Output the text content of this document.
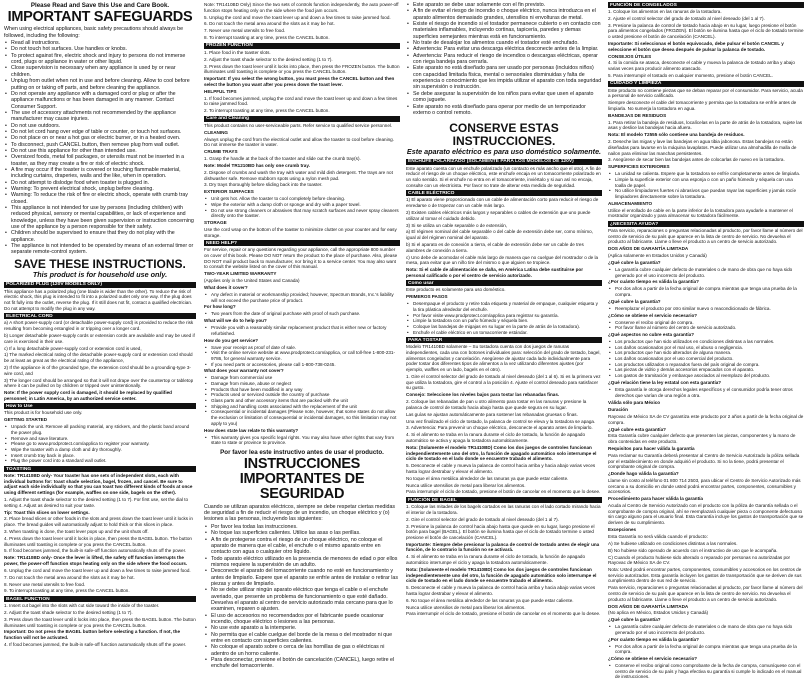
Please Read and Save this Use and Care Book.
IMPORTANT SAFEGUARDS
When using electrical appliances, basic safety precautions should always be followed, including the following:
• Read all instructions.
• Do not touch hot surfaces. Use handles or knobs.
• To protect against fire, electric shock and injury to persons do not immerse cord, plugs or appliance in water or other liquid.
• Close supervision is necessary when any appliance is used by or near children.
• Unplug from outlet when not in use and before cleaning. Allow to cool before putting on or taking off parts, and before cleaning the appliance.
• Do not operate any appliance with a damaged cord or plug or after the appliance malfunctions or has been damaged in any manner. Contact Consumer Support.
• The use of accessory attachments not recommended by the appliance manufacturer may cause injuries.
• Do not use outdoors.
• Do not let cord hang over edge of table or counter, or touch hot surfaces.
• Do not place on or near a hot gas or electric burner, or in a heated oven.
• To disconnect, push CANCEL button, then remove plug from wall outlet.
• Do not use this appliance for other than intended use.
• Oversized foods, metal foil packages, or utensils must not be inserted in a toaster, as they may create a fire or risk of electric shock.
• A fire may occur if the toaster is covered or touching flammable material, including curtains, draperies, walls and the like, when in operation.
• Do not attempt to dislodge food when toaster is plugged in.
• Warning: To prevent electrical shock, unplug before cleaning.
• Warning: To reduce the risk of fire or electric shock, operate with crumb tray closed.
• This appliance is not intended for use by persons (including children) with reduced physical, sensory or mental capabilities, or lack of experience and knowledge, unless they have been given supervision or instruction concerning use of the appliance by a person responsible for their safety.
• Children should be supervised to ensure that they do not play with the appliance.
• The appliance is not intended to be operated by means of an external timer or separate remote-control system.
SAVE THESE INSTRUCTIONS.
This product is for household use only.
POLARIZED PLUG (120V MODELS ONLY)
This appliance has a polarized plug (one blade is wider than the other). To reduce the risk of electric shock, this plug is intended to fit into a polarized outlet only one way. If the plug does not fit fully into the outlet, reverse the plug. If it still does not fit, contact a qualified electrician. Do not attempt to modify the plug in any way.
ELECTRICAL CORD
a) A short power-supply cord (or detachable power-supply cord) is provided to reduce the risk resulting from becoming entangled in or tripping over a longer cord.
b) Longer detachable power-supply cords or extension cords are available and may be used if care is exercised in their use.
c) If a long detachable power-supply cord or extension cord is used,
1) The marked electrical rating of the detachable power-supply cord or extension cord should be at least as great as the electrical rating of the appliance,
2) If the appliance is of the grounded type, the extension cord should be a grounding-type 3-wire cord, and
3) The longer cord should be arranged so that it will not drape over the countertop or tabletop where it can be pulled on by children or tripped over unintentionally.
Note: If the power supply cord is damaged, it should be replaced by qualified personnel; in Latin America, by an authorized service center.
How to Use
This product is for household use only.
GETTING STARTED
• Unpack the unit. Remove all packing material, any stickers, and the plastic band around the power plug.
• Remove and save literature.
• Please go to www.prodprotect.com/applica to register your warranty.
• Wipe the toaster with a damp cloth and dry thoroughly.
• Insert crumb tray back in place.
• Plug the power cord into a standard wall outlet.
TOASTING
Note: TR1410BD only- Your toaster has one sets of independent slots, each with individual buttons for: toast shade selection, bagel, frozen, and cancel. Be sure to adjust each side individually so that you can toast two different kinds of foods at once using different settings (for example, waffles on one side, bagels on the other).
1. Adjust the toast shade selector to the desired setting (1 to 7). For first use, set the dial to setting 4. Adjust as desired to suit your taste.
Tip: Toast thin slices on lower settings.
2. Place bread slices or other foods in the slots and press down the toast lever until it locks in place. The bread guides will automatically adjust to hold thick or thin slices in place.
3. When toasting is done, the toast lever pops up and the unit shuts off.
4. Press down the toast lever until it locks in place, then press the BAGEL button. The button illuminates until toasting is complete or you press the CANCEL button.
5. If food becomes jammed, the built-in safe-off function automatically shuts off the power.
Note: TR1410BD only- Once the lever is lifted, the safety off function interrupts the power, the power-off function stops heating only on the side where the food occurs.
6. Unplug the cord and move the toast lever up and down a few times to raise jammed food.
7. Do not touch the metal area around the slots as it may be hot.
8. Never use metal utensils to free food.
9. To interrupt toasting at any time, press the CANCEL button.
BAGEL FUNCTION
1. Insert cut bagel into the slots with cut side toward the inside of the toaster.
2. Adjust the toast shade selector to the desired setting (1 to 7).
3. Press down the toast lever until it locks into place, then press the BAGEL button. The button illuminates until toasting is complete or you press the CANCEL button.
Important: Do not press the BAGEL button before selecting a function. If not, the function will not be activated.
4. If food becomes jammed, the built-in safe-off function automatically shuts off the power.
Note: TR1410BD Only) Since the two sets of controls function independently, the auto power-off function stops heating only on the side where the food jam occurs.
5. Unplug the cord and move the toast lever up and down a few times to raise jammed food.
6. Do not touch the metal area around the slots as it may be hot.
7. Never use metal utensils to free food.
8. To interrupt toasting at any time, press the CANCEL button.
FROZEN FUNCTION
1. Place food in the toaster slots.
2. Adjust the toast shade selector to the desired setting (1 to 7).
3. Press down the toast lever until it locks into place, then press the FROZEN button. The button illuminates until toasting is complete or you press the CANCEL button.
Important: If you select the wrong button, you must press the CANCEL button and then select the button you want after you press down the toast lever.
HELPFUL TIPS
1. If food becomes jammed, unplug the cord and move the toast lever up and down a few times to raise jammed food.
2. To interrupt toasting at any time, press the CANCEL button.
Care and Cleaning
This product contains no user-serviceable parts. Refer service to qualified service personnel.
CLEANING
Always unplug the cord from the electrical outlet and allow the toaster to cool before cleaning. Do not immerse the toaster in water.
CRUMB TRAYS
1. Grasp the handle at the back of the toaster and slide out the crumb tray(s).
Note: Model TR1210BD has only one crumb tray.
2. Dispose of crumbs and wash the tray with water and mild dish detergent. The trays are not dishwasher safe. Remove stubborn spots using a nylon mesh pad.
3. Dry trays thoroughly before sliding back into the toaster.
EXTERIOR SURFACES
• Unit gets hot. Allow the toaster to cool completely before cleaning.
• Wipe the exterior with a damp cloth or sponge and dry with a paper towel.
• Do not use strong cleaners or abrasives that may scratch surfaces and never spray cleaners directly onto the toaster.
STORAGE
Use the cord wrap on the bottom of the toaster to minimize clutter on your counter and for easy storage.
NEED HELP?
For service, repair or any questions regarding your appliance, call the appropriate 800 number on cover of this book. Please DO NOT return the product to the place of purchase. Also, please DO NOT mail product back to manufacturer, nor bring it to a service center. You may also want to consult the website listed on the cover of this manual.
TWO-YEAR LIMITED WARRANTY
(Applies only in the United States and Canada)
What does it cover?
• Any defect in material or workmanship provided; however, Spectrum Brands, Inc.'s liability will not exceed the purchase price of product.
For how long?
• Two years from the date of original purchase with proof of such purchase.
What will we do to help you?
• Provide you with a reasonably similar replacement product that is either new or factory refurbished.
How do you get service?
• Save your receipt as proof of date of sale.
• Visit the online service website at www.prodprotect.com/applica, or call toll-free 1-800-231-9786, for general warranty service.
• If you need parts or accessories, please call 1-800-738-0245.
What does your warranty not cover?
• Damage from commercial use
• Damage from misuse, abuse or neglect
• Products that have been modified in any way
• Products used or serviced outside the country of purchase
• Glass parts and other accessory items that are packed with the unit
• Shipping and handling costs associated with the replacement of the unit
• Consequential or incidental damages (Please note, however, that some states do not allow the exclusion or limitation of consequential or incidental damages, so this limitation may not apply to you)
How does state law relate to this warranty?
• This warranty gives you specific legal rights. You may also have other rights that vary from state to state or province to province.
Por favor lea este instructivo antes de usar el producto.
INSTRUCCIONES IMPORTANTES DE SEGURIDAD
Cuando se utilizan aparatos eléctricos, siempre se debe respetar ciertas medidas de seguridad a fin de reducir el riesgo de un incendio, un choque eléctrico y (o) lesiones a las personas, incluyendo las siguientes:
• Por favor lea todas las instrucciones.
• No toque las superficies calientes. Utilice las asas o las perillas.
• A fin de protegerse contra el riesgo de un choque eléctrico, no coloque el aparato de manera que el cable, el enchufe o el mismo aparato entre en contacto con agua o cualquier otro líquido.
• Todo aparato eléctrico utilizado en la presencia de menores de edad o por ellos mismos requiere la supervisión de un adulto.
• Desconecte el aparato del tomacorriente cuando no esté en funcionamiento y antes de limpiarlo. Espere que el aparato se enfríe antes de instalar o retirar las piezas y antes de limpiarlo.
• No se debe utilizar ningún aparato eléctrico que tenga el cable o el enchufe averiado, que presente un problema de funcionamiento o que esté dañado. Devuelva el aparato al centro de servicio autorizado más cercano para que lo examinen, reparen o ajusten.
• El uso de accesorios no recomendados por el fabricante puede ocasionar incendio, choque eléctrico o lesiones a las personas.
• No use este aparato a la intemperie.
• No permita que el cable cuelgue del borde de la mesa o del mostrador ni que entre en contacto con superficies calientes.
• No coloque el aparato sobre o cerca de las hornillas de gas o eléctricas ni adentro de un horno caliente.
• Para desconectar, presione el botón de cancelación (CANCEL), luego retire el enchufe del tomacorriente.
• Este aparato se debe usar solamente con el fin previsto.
• A fin de evitar el riesgo de incendio o choque eléctrico, nunca introduzca en el aparato alimentos demasiado grandes, utensilios ni envolturas de metal.
• Existe el riesgo de incendio si el tostador permanece cubierto o en contacto con materiales inflamables, incluyendo cortinas, tapicería, paredes y demas superficies semejantes mientras está en funcionamiento.
• No trate de desalojar los alimentos cuando el tostador esté enchufado.
• Advertencia: Para evitar una descarga eléctrica desconecte antes de la limpiar.
• Advertencia: Para reducir el riesgo de incendios o descargas eléctricas, operar con riega bandeja para cerrarla.
• Este aparato no está diseñado para ser usado por personas (incluidos niños) con capacidad limitada física, mental o sensoriales disminuidas y falta de experiencia o conocimiento que les impida utilizar el aparato con toda seguridad sin supervisión o instrucción.
• Se debe asegurar la supervisión de los niños para evitar que usen el aparato como juguete.
• Este aparato no está diseñado para operar por medio de un temporizador externo o control remoto.
CONSERVE ESTAS INSTRUCCIONES.
Este aparato eléctrico es para uso doméstico solamente.
ENCHUFE POLARIZADO (SOLAMENTE PARA LOS MODELOS DE 120V)
Este aparato cuenta con un enchufe polarizado (un contacto es más ancho que el otro). A fin de reducir el riesgo de un choque eléctrico, este enchufe encaja en un tomacorriente polarizado en un solo sentido. Si el enchufe no entra en el tomacorriente, inviértalo y si aun así no encaja, consulte con un electricista. Por favor no trate de alterar esta medida de seguridad.
CABLE ELÉCTRICO
1) El aparato viene proporcionado con un cable de alimentación corto para reducir el riesgo de enredarse o de tropezar con un cable más largo.
2) Existen cables eléctricos más largos y separables o cables de extensión que uno puede utilizar al tomar el cuidado debido.
3) Si se utiliza un cable separable o de extensión,
a) El régimen nominal del cable separable o del cable de extensión debe ser, como mínimo, igual al del régimen nominal del aparato.
b) Si el aparato es de conexión a tierra, el cable de extensión debe ser un cable de tres alambres de conexión a tierra.
c) Uno debe de acomodar el cable más largo de manera que no cuelgue del mostrador o de la mesa, para evitar que un niño tire del mismo o que alguien se tropiece.
Nota: Si el cable de alimentación se daña, en América Latina debe sustituirse por personal calificado o por el centro de servicio autorizado.
Como usar
Este producto es solamente para uso doméstico.
PRIMEROS PASOS
• Desempaque el producto y retire toda etiqueta y material de empaque, cualquier etiqueta y la tira plástica alrededor del enchufe.
• Por favor visite www.prodprotect.com/applica para registrar su garantía.
• Limpie la tostadora con un paño húmedo y séquela bien.
• Coloque las bandejas de migajas en su lugar en la parte de atrás de la tostadora).
• Enchufe el cable eléctrico en un tomacorriente estándar.
PARA TOSTAR
Modelo TR1410BD solamente – Su tostadora cuenta con dos juegos de ranuras independientes, cada una con botones individuales para: selección del grado de tostado, bagel, alimentos congelados y cancelación. Asegúrese de ajustar cada lado individualmente para poder tostar dos diferentes tipos de alimentos a la vez utilizando diferentes ajustes (por ejemplo, waffles en un lado, bagels en el otro).
1. Gire el control selector del grado de tostado al nivel deseado (del 1 al 6). Si es la primera vez que utiliza la tostadora, gire el control a la posición 4. Ajuste el control deseado para satisfacer su gusto.
Consejo: Seleccione los niveles bajos para tostar las rebanadas finas.
2. Coloque las rebanadas de pan u otro alimento para tostar en las ranuras y presione la palanca de control de tostado hacia abajo hasta que quede segura en su lugar.
Las guías se ajustan automáticamente para sostener las rebanadas gruesas o finas.
Una vez finalizado el ciclo de tostado, la palanca de control se eleva y la tostadora se apaga.
3. Advertencia: Para prevenir un choque eléctrico, desconecte el aparato antes de limpiarlo.
4. Si el alimento se traba en la ranura durante el ciclo de tostado, la función de apagado automático se activa y apaga la tostadora automáticamente.
Nota: (Solamente el modelo TR1410BD) Como los dos juegos de controles funcionan independientemente uno del otro, la función de apagado automático solo interrumpe el ciclo de tostado en el lado donde se encuentre trabado el alimento.
5. Desconecte el cable y mueva la palanca de control hacia arriba y hacia abajo varias veces hasta lograr destrabar y elevar el alimento.
No toque el área metálica alrededor de las ranuras ya que puede estar caliente.
Nunca utilice utensilios de metal para liberar los alimentos.
Para interrumpir el ciclo de tostado, presione el botón de cancelar en el momento que lo desee.
FUNCIÓN DE BAGEL
1. Coloque las mitades de los bagels cortados en las ranuras con el lado cortado mirando hacia el interior de la tostadora.
2. Gire el control selector del grado de tostado al nivel deseado (del 1 al 7).
3. Presione la palanca de control hacia abajo hasta que quede en su lugar, luego presione el botón para bagel (BAGEL). El botón se ilumina hasta que el ciclo de tostado termine o usted presione el botón de cancelación (CANCEL).
Importante: Siempre debe presionar la palanca de control de tostado antes de elegir una función, de lo contrario la función no se activará.
4. Si el alimento se traba en la ranura durante el ciclo de tostado, la función de apagado automático interrumpe el ciclo y apaga la tostadora automáticamente.
Nota: (Solamente el modelo TR1410BD) Como los dos juegos de controles funcionan independientemente uno del otro, la función de apagado automático solo interrumpe el ciclo de tostado en el lado donde se encuentre trabado el alimento.
5. Desconecte el cable y mueva la palanca de control hacia arriba y hacia abajo varias veces hasta lograr destrabar y elevar el alimento.
6. No toque el área metálica alrededor de las ranuras ya que puede estar caliente.
Nunca utilice utensilios de metal para liberar los alimentos.
Para interrumpir el ciclo de tostado, presione el botón de cancelar en el momento que lo desee.
FUNCIÓN DE CONGELADOS
1. Coloque los alimentos en las ranuras de la tostadora.
2. Ajuste el control selector del grado de tostado al nivel deseado (del 1 al 7).
3. Presione la palanca de control de tostado hacia abajo en su lugar, luego presione el botón para alimentos congelados (FROZEN). El botón se ilumina hasta que el ciclo de tostado termine o usted presione el botón de cancelación (CANCEL).
Importante: Si seleccionas el botón equivocado, debe pulsar el botón CANCEL y seleccione el botón que desea después de pulsar la palanca de tostado.
CONSEJOS ÚTILES
4. Si la comida se atasca, desconecte el cable y mueva la palanca de tostado arriba y abajo varias veces para producir alimento atascado.
5. Para interrumpir el tostado en cualquier momento, presione el botón CANCEL.
CUIDADO Y LIMPIEZA
Este producto no contiene piezas que se deban reparar por el consumidor. Para servicio, acuda a personal de servicio calificado.
Siempre desconecte el cable del tomacorriente y permita que la tostadora se enfríe antes de limpiarla. No sumerja la tostadora en agua.
BANDEJAS DE RESIDUOS
1. Para retirar la bandeja de residuos, localícelas en la parte de atrás de la tostadora, sujete las asas y deslice las bandejas hacia afuera.
Nota: El modelo T2555 sólo contiene una bandeja de residuos.
2. Deseche las migas y lave las bandejas en agua tibia jabonosa. Estas bandejas no están diseñadas para lavarse en la máquina lavaplatos. Puede utilizar una almohadilla de malla de nailon para eliminar las manchas persistentes.
3. Asegúrese de secar bien las bandejas antes de colocarlas de nuevo en la tostadora.
SUPERFICIES EXTERIORES
• La unidad se calienta. Espere que la tostadora se enfríe completamente antes de limpiarla.
• Limpie la superficie exterior con una esponja o con un paño húmedo y séquela con una toalla de papel.
• No utilice limpiadores fuertes ni abrasivos que puedan rayar las superficies y jamás rocíe limpiadores directamente sobre la tostadora.
ALMACENAMIENTO
Utilice el enrollado de cable en la parte inferior de la tostadora para ayudarle a mantener el mostrador organizado y para almacenar su tostadora fácilmente.
¿NECESITA AYUDA?
Para servicio, reparaciones o preguntas relacionadas al producto, por favor llame al número del centro de servicio de su país que aparece en la lista de centro de servicio. No devuelva el producto al fabricante. Llame o lleve el producto a un centro de servicio autorizado.
DOS AÑOS DE GARANTÍA LIMITADA
(Aplica solamente en Estados Unidos y Canadá)
¿Qué cubre la garantía?
• La garantía cubre cualquier defecto de materiales o de mano de obra que no haya sido generado por el uso incorrecto del producto.
¿Por cuánto tiempo es válida la garantía?
• Por dos años a partir de la fecha original de compra mientras que tenga una prueba de la compra.
¿Qué cubre la garantía?
• Reemplazar el producto por otro similar nuevo o reacondicionado de fábrica.
¿Cómo se obtiene el servicio necesario?
• Conserve el recibo original de compra.
• Por favor llame al número del centro de servicio autorizado.
¿Qué aspectos no cubre esta garantía?
• Los productos que han sido utilizados en condiciones distintas a las normales.
• Los daños ocasionados por el mal uso, el abuso o negligencia.
• Los productos que han sido alterados de alguna manera.
• Los daños ocasionados por el uso comercial del producto.
• Los productos utilizados o reparados fuera del país original de compra.
• Las piezas de vidrio y demás accesorios empacados con el aparato.
• Los gastos de tramitación y embarque asociados al reemplazo del producto.
¿Qué relación tiene la ley estatal con esta garantía?
• Esta garantía le otorga derechos legales específicos y el consumidor podría tener otros derechos que varían de una región a otra.
Válida sólo para México
Duración
Rayovac de México SA de CV garantiza este producto por 2 años a partir de la fecha original de compra.
¿Qué cubre esta garantía?
Esta Garantía cubre cualquier defecto que presenten las piezas, componentes y la mano de obra contenidas en este producto.
Requisitos para hacer válida la garantía
Para reclamar su Garantía deberá presentar al Centro de Servicio Autorizado la póliza sellada por el establecimiento en donde adquirió el producto. Si no la tiene, podrá presentar el comprobante original de compra.
¿Donde hago válida la garantía?
Llame sin costo al teléfono 01 800 714 2503, para ubicar el Centro de Servicio Autorizado más cercano a su domicilio en donde usted podrá encontrar partes, componentes, consumibles y accesorios.
Procedimiento para hacer válida la garantía
Acuda al Centro de Servicio Autorizado con el producto con la póliza de Garantía sellada o el comprobante de compra original, ahí se reemplazará cualquier pieza o componente defectuoso sin cargo alguno para el usuario final. Esta Garantía incluye los gastos de transportación que se deriven de su cumplimiento.
Excepciones
Esta Garantía no será válida cuando el producto:
A) Se hubiese utilizado en condiciones distintas a las normales.
B) No hubiese sido operado de acuerdo con el instructivo de uso que le acompaña.
C) Cuando el producto hubiese sido alterado o reparado por personas no autorizadas por Rayovac de México SA de CV.
Nota: Usted podrá encontrar partes, componentes, consumibles y accesorios en los centros de servicio autorizados. Esta garantía incluyen los gastos de transportación que se deriven de sus cumplimiento dentro de sus red de servicio.
Para servicio, reparaciones o preguntas relacionadas al producto, por favor llame al número del centro de servicio de su país que aparece en la lista de centro de servicio. No devuelva el producto al fabricante. Llame o lleve el producto a un centro de servicio autorizado.
DOS AÑOS DE GARANTÍA LIMITADA
(No aplica en México, Estados Unidos y Canadá)
¿Qué cubre la garantía?
• La garantía cubre cualquier defecto de materiales o de mano de obra que no haya sido generado por el uso incorrecto del producto.
¿Por cuánto tiempo es válida la garantía?
• Por dos años a partir de la fecha original de compra mientras que tenga una prueba de la compra.
¿Cómo se obtiene el servicio necesario?
• Conserve el recibo original como comprobante de la fecha de compra, comuníquese con el centro de servicio de su país y haga efectiva su garantía si cumple lo indicado en el manual de instrucciones.
